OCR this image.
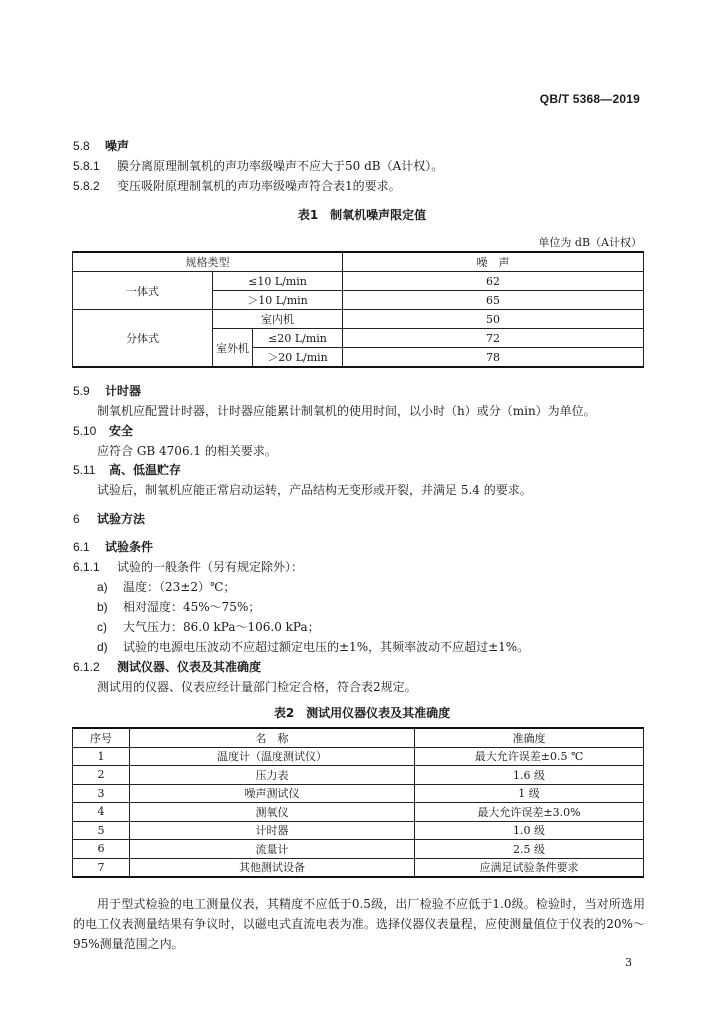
QB/T 5368—2019
5.8 噪声
5.8.1 膜分离原理制氧机的声功率级噪声不应大于50 dB（A计权）。
5.8.2 变压吸附原理制氧机的声功率级噪声符合表1的要求。
表1　制氧机噪声限定值
单位为 dB（A计权）
规格类型			噪　声
一体式	≤10 L/min		62
	＞10 L/min		65
分体式	室内机		50
	室外机	≤20 L/min	72
		＞20 L/min	78
5.9 计时器
制氧机应配置计时器，计时器应能累计制氧机的使用时间，以小时（h）或分（min）为单位。
5.10 安全
应符合 GB 4706.1 的相关要求。
5.11 高、低温贮存
试验后，制氧机应能正常启动运转，产品结构无变形或开裂，并满足 5.4 的要求。
6 试验方法
6.1 试验条件
6.1.1 试验的一般条件（另有规定除外）：
a) 温度：（23±2）℃；
b) 相对湿度：45%～75%；
c) 大气压力：86.0 kPa～106.0 kPa；
d) 试验的电源电压波动不应超过额定电压的±1%，其频率波动不应超过±1%。
6.1.2 测试仪器、仪表及其准确度
测试用的仪器、仪表应经计量部门检定合格，符合表2规定。
表2　测试用仪器仪表及其准确度
序号	名　称	准确度
1	温度计（温度测试仪）	最大允许误差±0.5 ℃
2	压力表	1.6 级
3	噪声测试仪	1 级
4	测氧仪	最大允许误差±3.0%
5	计时器	1.0 级
6	流量计	2.5 级
7	其他测试设备	应满足试验条件要求
用于型式检验的电工测量仪表，其精度不应低于0.5级，出厂检验不应低于1.0级。检验时，当对所选用的电工仪表测量结果有争议时，以磁电式直流电表为准。选择仪器仪表量程，应使测量值位于仪表的20%～95%测量范围之内。
3
